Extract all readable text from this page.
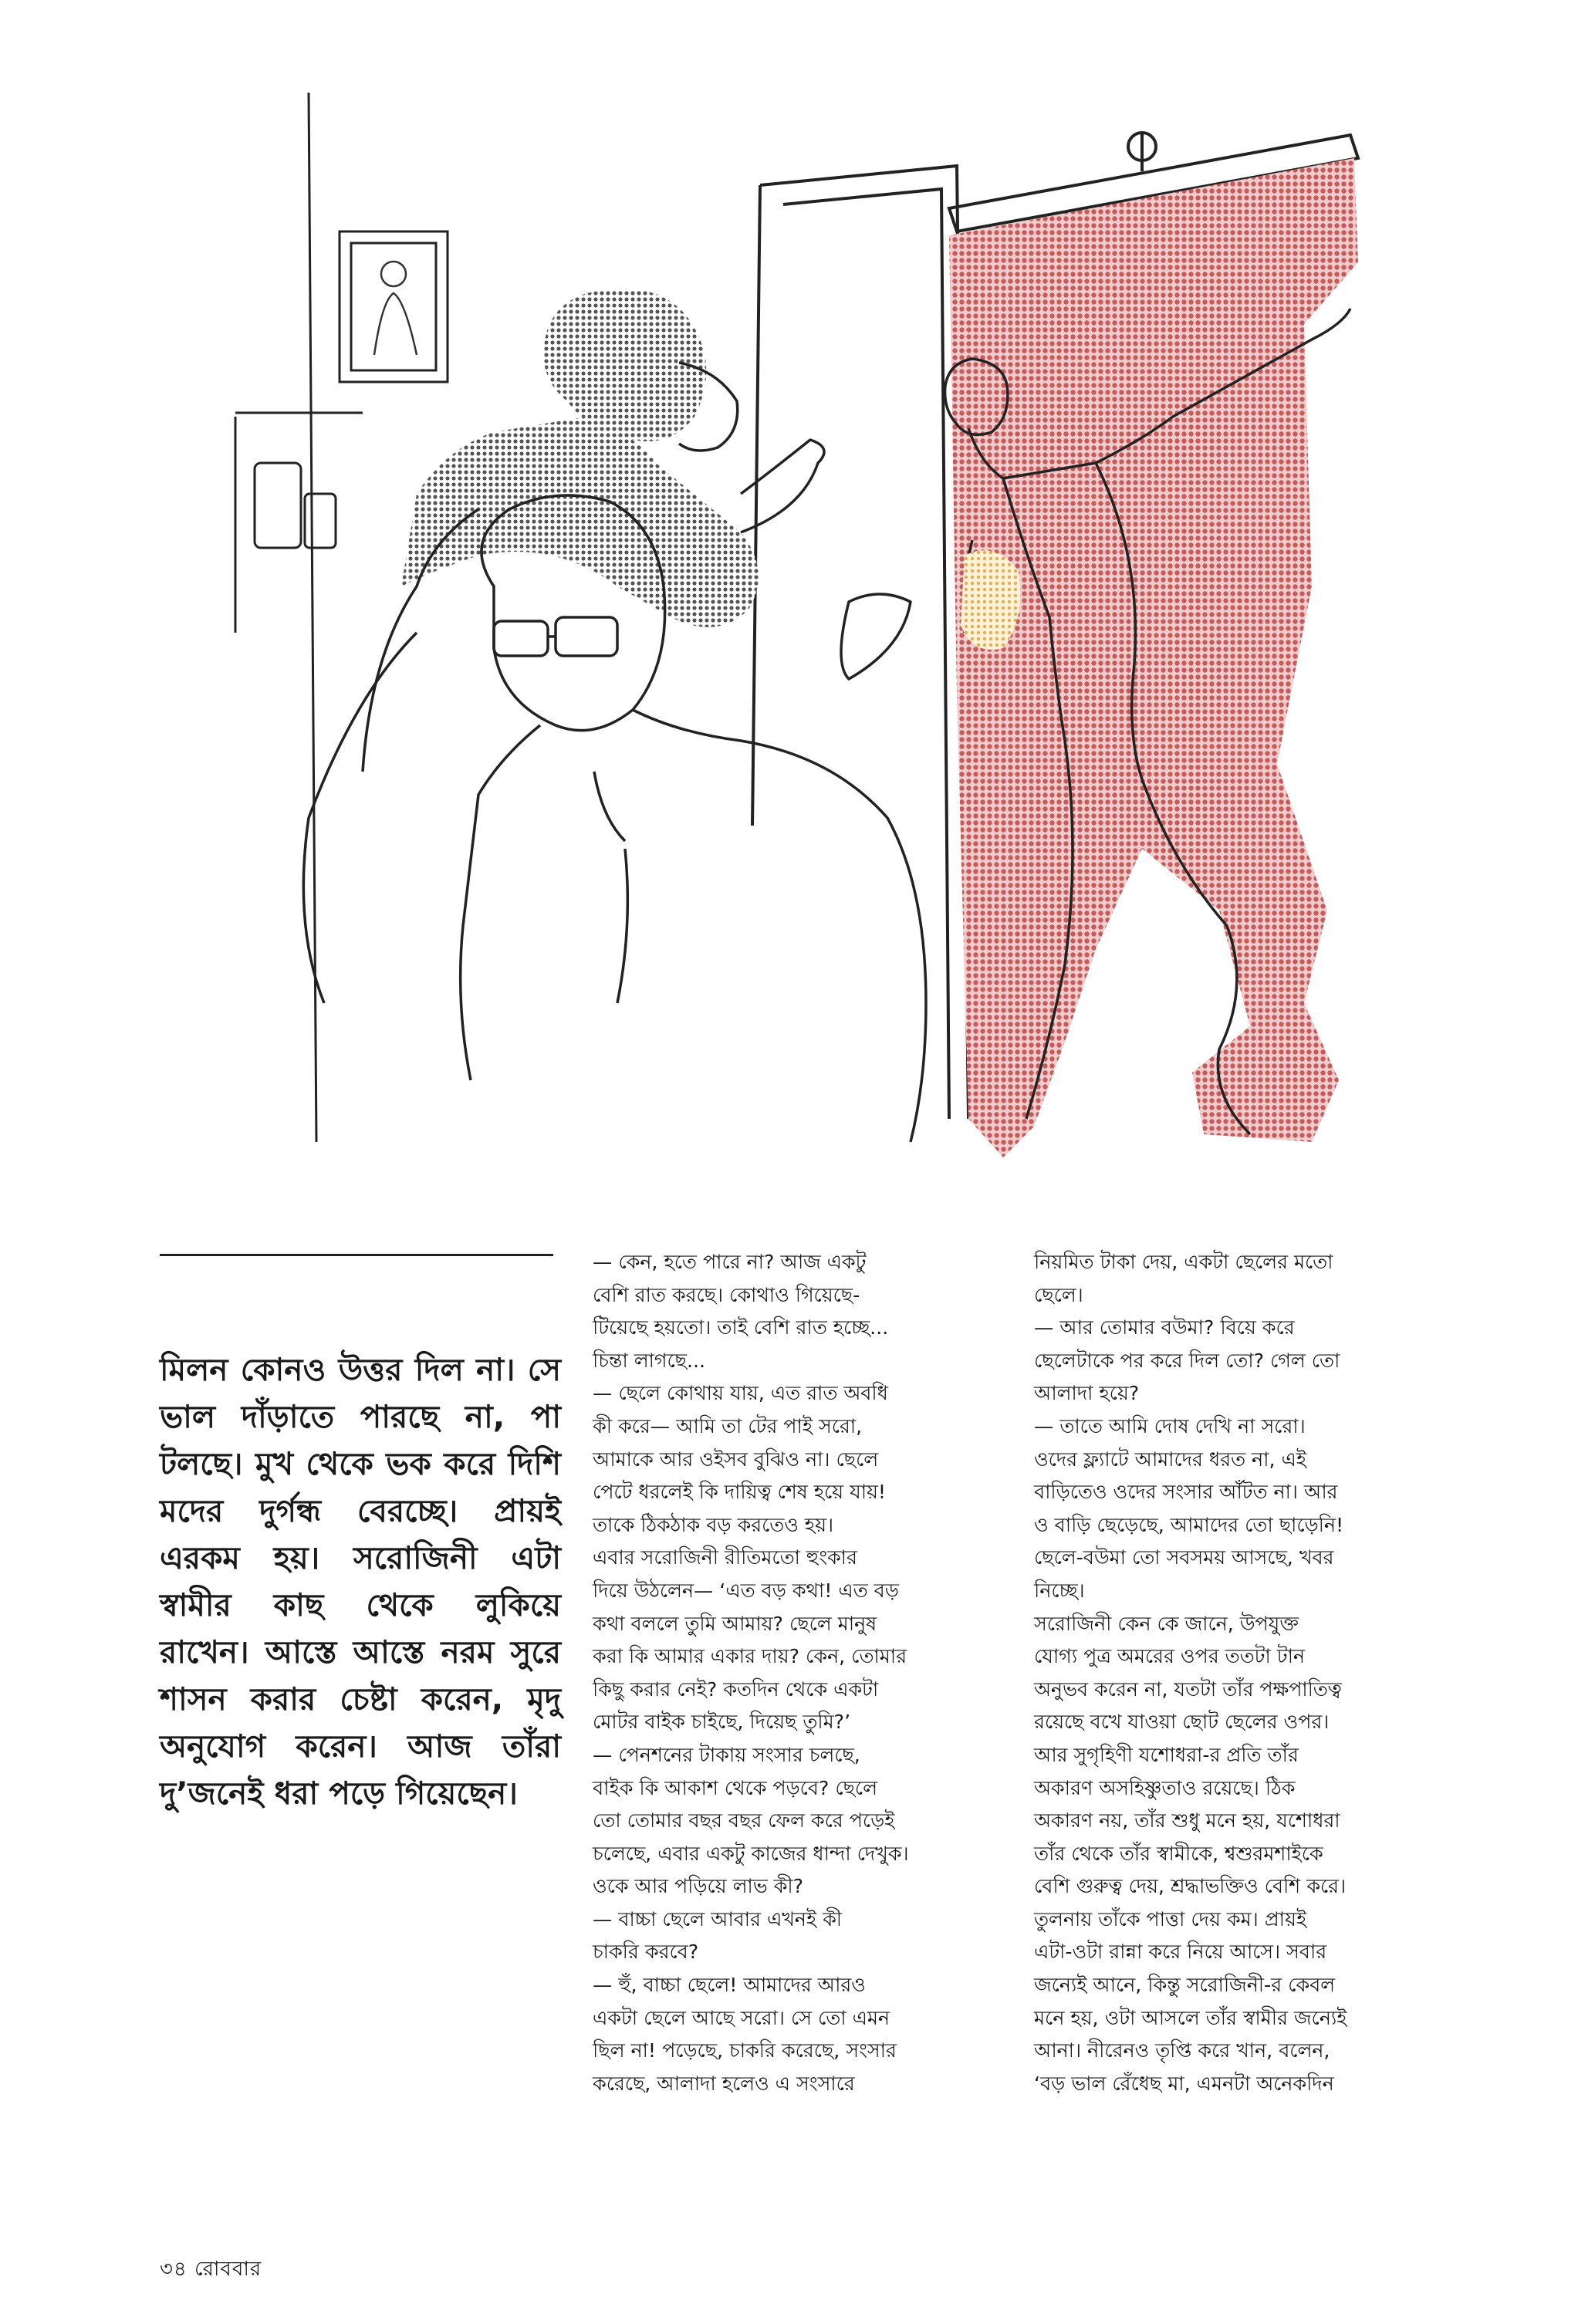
মিলন কোনও উত্তর দিল না। সে ভাল দাঁড়াতে পারছে না, পা টলছে। মুখ থেকে ভক করে দিশি মদের দুর্গন্ধ বেরচ্ছে। প্রায়ই এরকম হয়। সরোজিনী এটা স্বামীর কাছ থেকে লুকিয়ে রাখেন। আস্তে আস্তে নরম সুরে শাসন করার চেষ্টা করেন, মৃদু অনুযোগ করেন। আজ তাঁরা দু’জনেই ধরা পড়ে গিয়েছেন।

— কেন, হতে পারে না? আজ একটু
বেশি রাত করছে। কোথাও গিয়েছে-
টিয়েছে হয়তো। তাই বেশি রাত হচ্ছে...
চিন্তা লাগছে...
— ছেলে কোথায় যায়, এত রাত অবধি
কী করে— আমি তা টের পাই সরো,
আমাকে আর ওইসব বুঝিও না। ছেলে
পেটে ধরলেই কি দায়িত্ব শেষ হয়ে যায়!
তাকে ঠিকঠাক বড় করতেও হয়।
এবার সরোজিনী রীতিমতো হুংকার
দিয়ে উঠলেন— ‘এত বড় কথা! এত বড়
কথা বললে তুমি আমায়? ছেলে মানুষ
করা কি আমার একার দায়? কেন, তোমার
কিছু করার নেই? কতদিন থেকে একটা
মোটর বাইক চাইছে, দিয়েছ তুমি?’
— পেনশনের টাকায় সংসার চলছে,
বাইক কি আকাশ থেকে পড়বে? ছেলে
তো তোমার বছর বছর ফেল করে পড়েই
চলেছে, এবার একটু কাজের ধান্দা দেখুক।
ওকে আর পড়িয়ে লাভ কী?
— বাচ্চা ছেলে আবার এখনই কী
চাকরি করবে?
— হুঁ, বাচ্চা ছেলে! আমাদের আরও
একটা ছেলে আছে সরো। সে তো এমন
ছিল না! পড়েছে, চাকরি করেছে, সংসার
করেছে, আলাদা হলেও এ সংসারে

নিয়মিত টাকা দেয়, একটা ছেলের মতো
ছেলে।
— আর তোমার বউমা? বিয়ে করে
ছেলেটাকে পর করে দিল তো? গেল তো
আলাদা হয়ে?
— তাতে আমি দোষ দেখি না সরো।
ওদের ফ্ল্যাটে আমাদের ধরত না, এই
বাড়িতেও ওদের সংসার আঁটত না। আর
ও বাড়ি ছেড়েছে, আমাদের তো ছাড়েনি!
ছেলে-বউমা তো সবসময় আসছে, খবর
নিচ্ছে।
সরোজিনী কেন কে জানে, উপযুক্ত
যোগ্য পুত্র অমরের ওপর ততটা টান
অনুভব করেন না, যতটা তাঁর পক্ষপাতিত্ব
রয়েছে বখে যাওয়া ছোট ছেলের ওপর।
আর সুগৃহিণী যশোধরা-র প্রতি তাঁর
অকারণ অসহিষ্ণুতাও রয়েছে। ঠিক
অকারণ নয়, তাঁর শুধু মনে হয়, যশোধরা
তাঁর থেকে তাঁর স্বামীকে, শ্বশুরমশাইকে
বেশি গুরুত্ব দেয়, শ্রদ্ধাভক্তিও বেশি করে।
তুলনায় তাঁকে পাত্তা দেয় কম। প্রায়ই
এটা-ওটা রান্না করে নিয়ে আসে। সবার
জন্যেই আনে, কিন্তু সরোজিনী-র কেবল
মনে হয়, ওটা আসলে তাঁর স্বামীর জন্যেই
আনা। নীরেনও তৃপ্তি করে খান, বলেন,
‘বড় ভাল রেঁধেছ মা, এমনটা অনেকদিন

৩৪ রোববার
